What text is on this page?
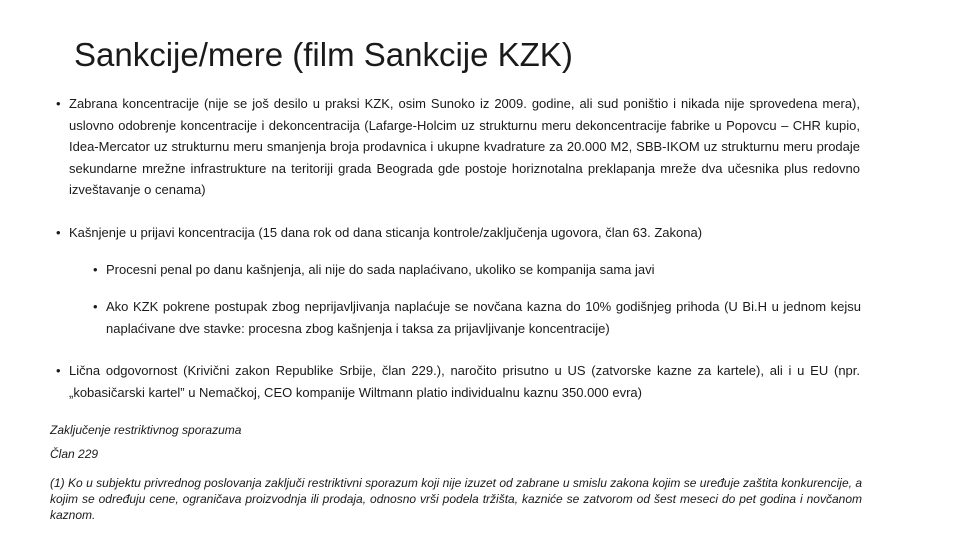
Sankcije/mere (film Sankcije KZK)
• Zabrana koncentracije (nije se još desilo u praksi KZK, osim Sunoko iz 2009. godine, ali sud poništio i nikada nije sprovedena mera), uslovno odobrenje koncentracije i dekoncentracija (Lafarge-Holcim uz strukturnu meru dekoncentracije fabrike u Popovcu – CHR kupio, Idea-Mercator uz strukturnu meru smanjenja broja prodavnica i ukupne kvadrature za 20.000 M2, SBB-IKOM uz strukturnu meru prodaje sekundarne mrežne infrastrukture na teritoriji grada Beograda gde postoje horiznotalna preklapanja mreže dva učesnika plus redovno izveštavanje o cenama)
• Kašnjenje u prijavi koncentracija (15 dana rok od dana sticanja kontrole/zaključenja ugovora, član 63. Zakona)
• Procesni penal po danu kašnjenja, ali nije do sada naplaćivano, ukoliko se kompanija sama javi
• Ako KZK pokrene postupak zbog neprijavljivanja naplaćuje se novčana kazna do 10% godišnjeg prihoda (U Bi.H u jednom kejsu naplaćivane dve stavke: procesna zbog kašnjenja i taksa za prijavljivanje koncentracije)
• Lična odgovornost (Krivični zakon Republike Srbije, član 229.), naročito prisutno u US (zatvorske kazne za kartele), ali i u EU (npr. „kobasičarski kartel” u Nemačkoj, CEO kompanije Wiltmann platio individualnu kaznu 350.000 evra)
Zaključenje restriktivnog sporazuma
Član 229
(1) Ko u subjektu privrednog poslovanja zaključi restriktivni sporazum koji nije izuzet od zabrane u smislu zakona kojim se uređuje zaštita konkurencije, a kojim se određuju cene, ograničava proizvodnja ili prodaja, odnosno vrši podela tržišta, kazniće se zatvorom od šest meseci do pet godina i novčanom kaznom.
